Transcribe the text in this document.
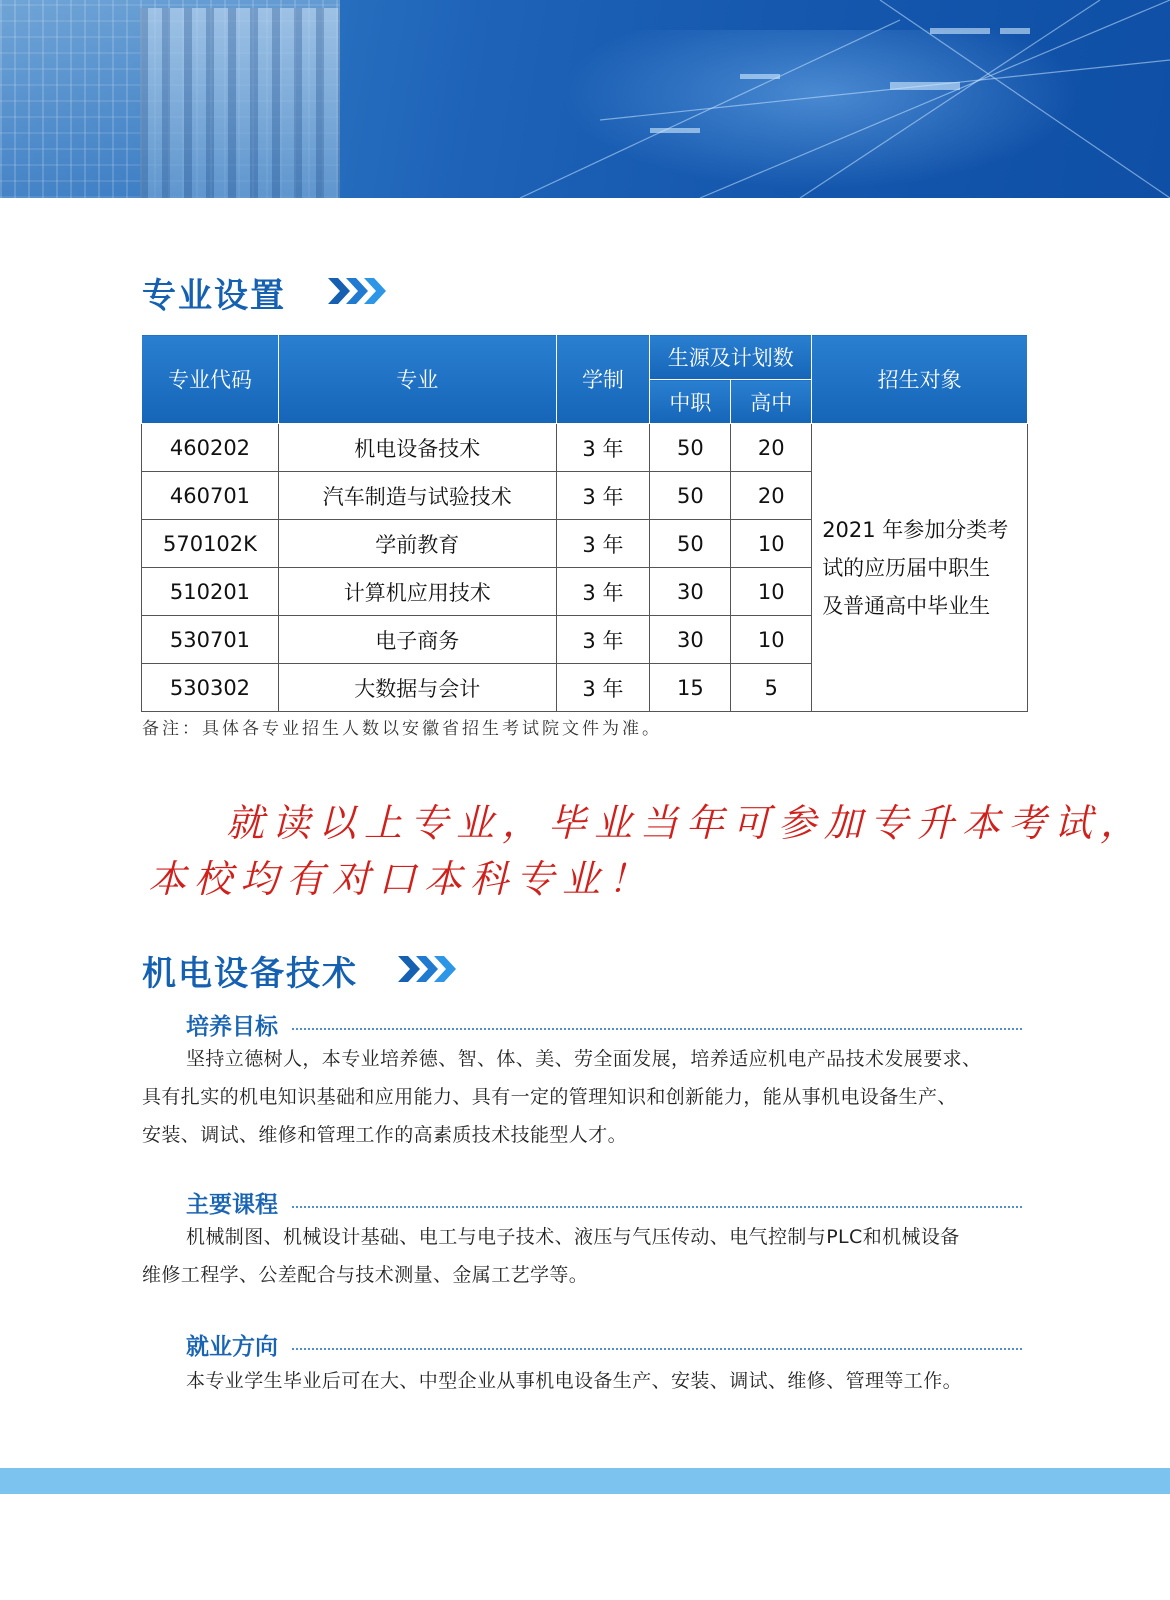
专业设置
专业代码	专业	学制	生源及计划数		招生对象
			中职	高中	
460202	机电设备技术	3 年	50	20	2021 年参加分类考
试的应历届中职生
及普通高中毕业生

460701	汽车制造与试验技术	3 年	50	20	
570102K	学前教育	3 年	50	10	
510201	计算机应用技术	3 年	30	10	
530701	电子商务	3 年	30	10	
530302	大数据与会计	3 年	15	5	
备注：具体各专业招生人数以安徽省招生考试院文件为准。
就读以上专业，毕业当年可参加专升本考试，
本校均有对口本科专业！
机电设备技术
培养目标
坚持立德树人，本专业培养德、智、体、美、劳全面发展，培养适应机电产品技术发展要求、
具有扎实的机电知识基础和应用能力、具有一定的管理知识和创新能力，能从事机电设备生产、
安装、调试、维修和管理工作的高素质技术技能型人才。
主要课程
机械制图、机械设计基础、电工与电子技术、液压与气压传动、电气控制与PLC和机械设备
维修工程学、公差配合与技术测量、金属工艺学等。
就业方向
本专业学生毕业后可在大、中型企业从事机电设备生产、安装、调试、维修、管理等工作。
